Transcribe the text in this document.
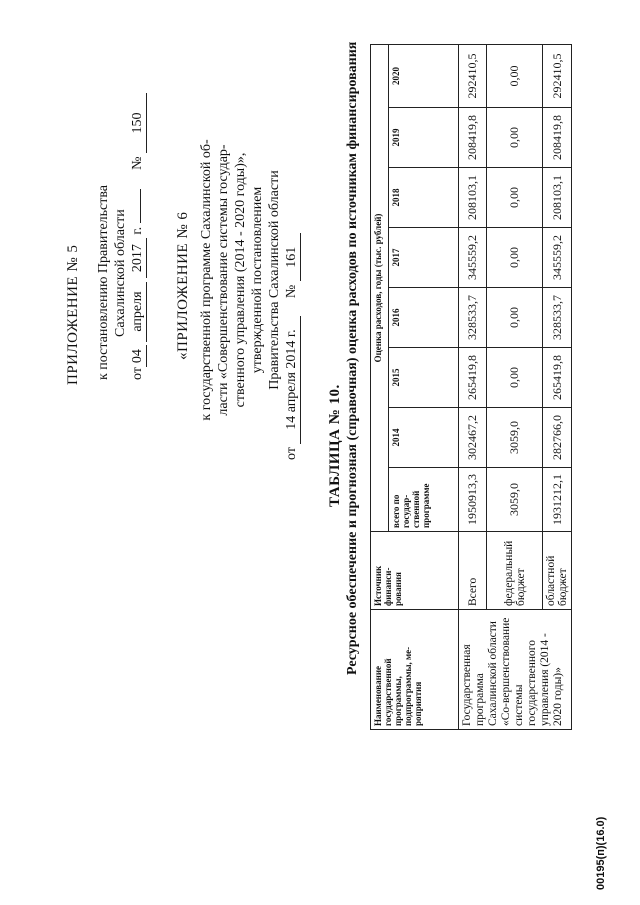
ПРИЛОЖЕНИЕ № 5 к постановлению Правительства Сахалинской области
от04 апреля 2017 г.  № 150
«ПРИЛОЖЕНИЕ № 6 к государственной программе Сахалинской об- ласти «Совершенствование системы государ- ственного управления (2014 - 2020 годы)», утвержденной постановлением Правительства Сахалинской области
от 14 апреля 2014 г. № 161
ТАБЛИЦА № 10. Ресурсное обеспечение и прогнозная (справочная) оценка расходов по источникам финансирования
Наименование государственной программы, подпрограммы, ме-роприятия	Источник финанси-рования	Оценка расходов, годы (тыс. рублей)							
		всего по государ-ственной программе	2014	2015	2016	2017	2018	2019	2020
Государственная программа Сахалинской области «Со-вершенствование системы государственного управления (2014 - 2020 годы)»	Всего	1950913,3	302467,2	265419,8	328533,7	345559,2	208103,1	208419,8	292410,5
	федеральный бюджет	3059,0	3059,0	0,00	0,00	0,00	0,00	0,00	0,00
	областной бюджет	1931212,1	282766,0	265419,8	328533,7	345559,2	208103,1	208419,8	292410,5
00195(п)(16.0)
